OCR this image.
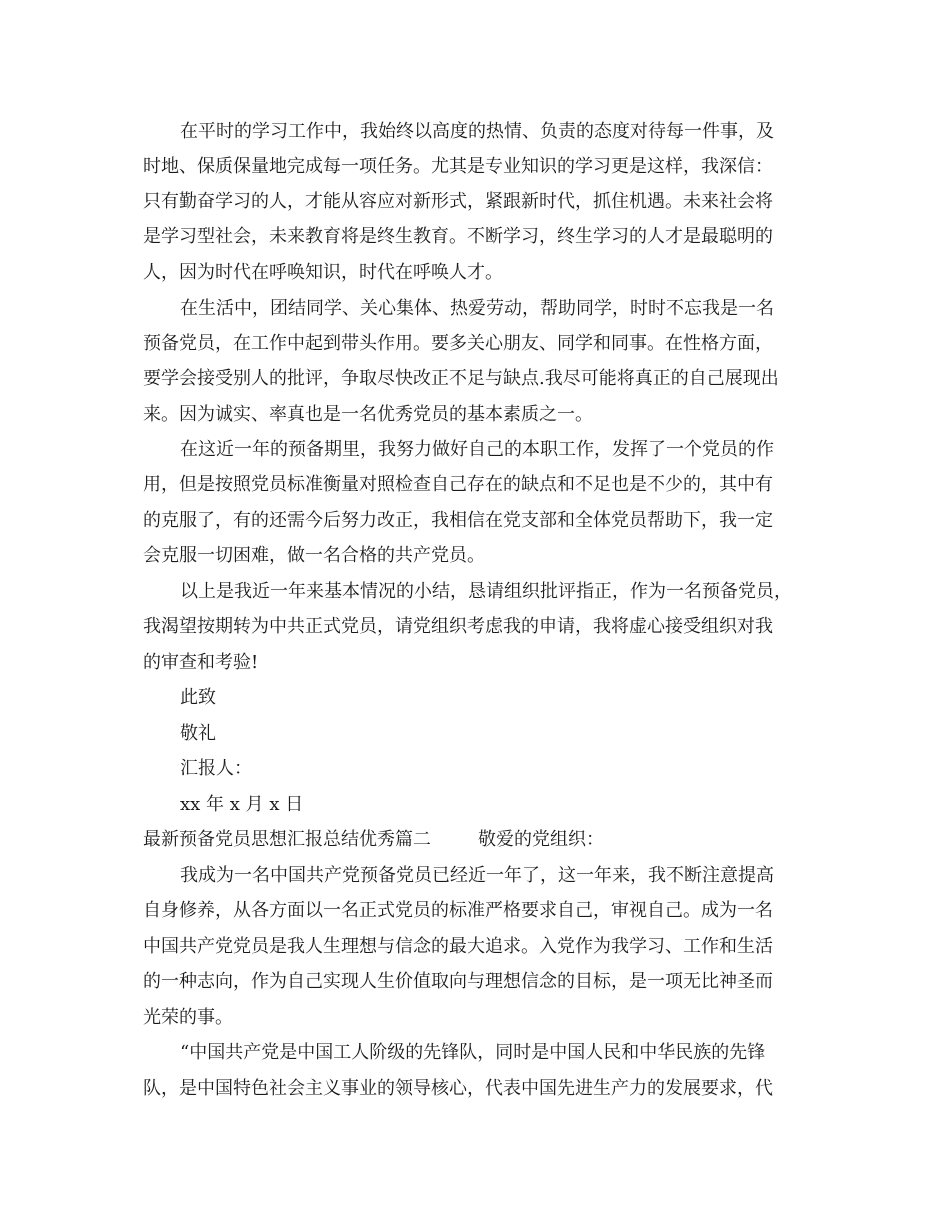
在平时的学习工作中，我始终以高度的热情、负责的态度对待每一件事，及
时地、保质保量地完成每一项任务。尤其是专业知识的学习更是这样，我深信：
只有勤奋学习的人，才能从容应对新形式，紧跟新时代，抓住机遇。未来社会将
是学习型社会，未来教育将是终生教育。不断学习，终生学习的人才是最聪明的
人，因为时代在呼唤知识，时代在呼唤人才。
在生活中，团结同学、关心集体、热爱劳动，帮助同学，时时不忘我是一名
预备党员，在工作中起到带头作用。要多关心朋友、同学和同事。在性格方面，
要学会接受别人的批评，争取尽快改正不足与缺点.我尽可能将真正的自己展现出
来。因为诚实、率真也是一名优秀党员的基本素质之一。
在这近一年的预备期里，我努力做好自己的本职工作，发挥了一个党员的作
用，但是按照党员标准衡量对照检查自己存在的缺点和不足也是不少的，其中有
的克服了，有的还需今后努力改正，我相信在党支部和全体党员帮助下，我一定
会克服一切困难，做一名合格的共产党员。
以上是我近一年来基本情况的小结，恳请组织批评指正，作为一名预备党员，
我渴望按期转为中共正式党员，请党组织考虑我的申请，我将虚心接受组织对我
的审查和考验!
此致
敬礼
汇报人：
xx 年 x 月 x 日
最新预备党员思想汇报总结优秀篇二	敬爱的党组织：
我成为一名中国共产党预备党员已经近一年了，这一年来，我不断注意提高
自身修养，从各方面以一名正式党员的标准严格要求自己，审视自己。成为一名
中国共产党党员是我人生理想与信念的最大追求。入党作为我学习、工作和生活
的一种志向，作为自己实现人生价值取向与理想信念的目标，是一项无比神圣而
光荣的事。
“中国共产党是中国工人阶级的先锋队，同时是中国人民和中华民族的先锋
队，是中国特色社会主义事业的领导核心，代表中国先进生产力的发展要求，代
